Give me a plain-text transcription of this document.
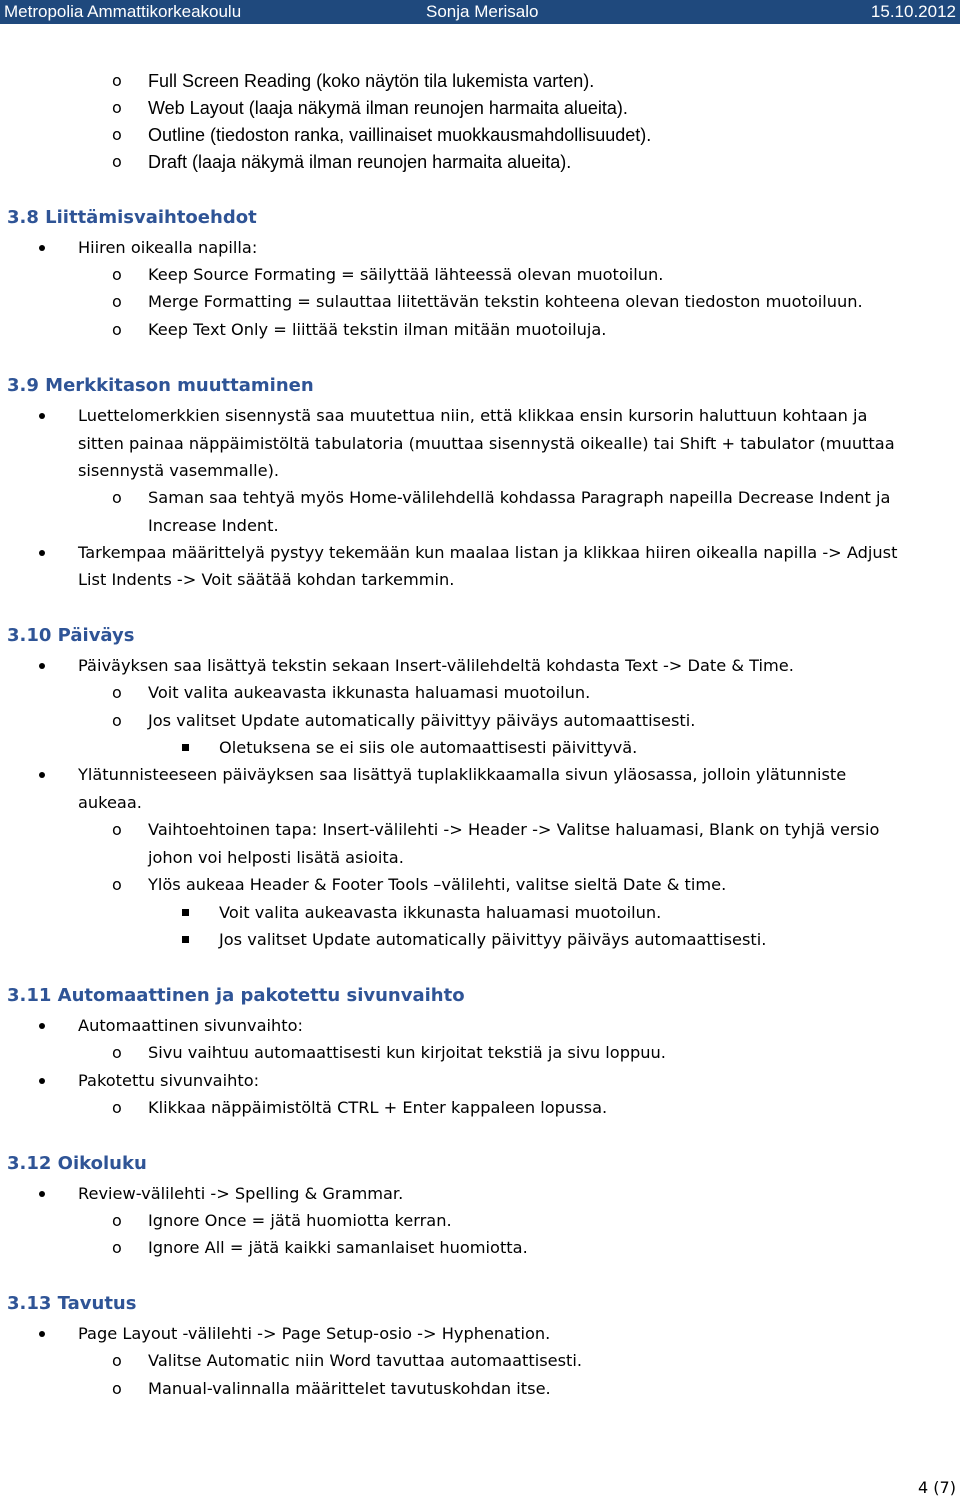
Metropolia Ammattikorkeakoulu	Sonja Merisalo	15.10.2012
o Full Screen Reading (koko näytön tila lukemista varten).
o Web Layout (laaja näkymä ilman reunojen harmaita alueita).
o Outline (tiedoston ranka, vaillinaiset muokkausmahdollisuudet).
o Draft (laaja näkymä ilman reunojen harmaita alueita).
3.8 Liittämisvaihtoehdot
Hiiren oikealla napilla:
o Keep Source Formating = säilyttää lähteessä olevan muotoilun.
o Merge Formatting = sulauttaa liitettävän tekstin kohteena olevan tiedoston muotoiluun.
o Keep Text Only = liittää tekstin ilman mitään muotoiluja.
3.9 Merkkitason muuttaminen
Luettelomerkkien sisennystä saa muutettua niin, että klikkaa ensin kursorin haluttuun kohtaan ja
sitten painaa näppäimistöltä tabulatoria (muuttaa sisennystä oikealle) tai Shift + tabulator (muuttaa
sisennystä vasemmalle).
o Saman saa tehtyä myös Home-välilehdellä kohdassa Paragraph napeilla Decrease Indent ja
Increase Indent.
Tarkempaa määrittelyä pystyy tekemään kun maalaa listan ja klikkaa hiiren oikealla napilla -> Adjust
List Indents -> Voit säätää kohdan tarkemmin.
3.10 Päiväys
Päiväyksen saa lisättyä tekstin sekaan Insert-välilehdeltä kohdasta Text -> Date & Time.
o Voit valita aukeavasta ikkunasta haluamasi muotoilun.
o Jos valitset Update automatically päivittyy päiväys automaattisesti.
Oletuksena se ei siis ole automaattisesti päivittyvä.
Ylätunnisteeseen päiväyksen saa lisättyä tuplaklikkaamalla sivun yläosassa, jolloin ylätunniste
aukeaa.
o Vaihtoehtoinen tapa: Insert-välilehti -> Header -> Valitse haluamasi, Blank on tyhjä versio
johon voi helposti lisätä asioita.
o Ylös aukeaa Header & Footer Tools –välilehti, valitse sieltä Date & time.
Voit valita aukeavasta ikkunasta haluamasi muotoilun.
Jos valitset Update automatically päivittyy päiväys automaattisesti.
3.11 Automaattinen ja pakotettu sivunvaihto
Automaattinen sivunvaihto:
o Sivu vaihtuu automaattisesti kun kirjoitat tekstiä ja sivu loppuu.
Pakotettu sivunvaihto:
o Klikkaa näppäimistöltä CTRL + Enter kappaleen lopussa.
3.12 Oikoluku
Review-välilehti -> Spelling & Grammar.
o Ignore Once = jätä huomiotta kerran.
o Ignore All = jätä kaikki samanlaiset huomiotta.
3.13 Tavutus
Page Layout -välilehti -> Page Setup-osio -> Hyphenation.
o Valitse Automatic niin Word tavuttaa automaattisesti.
o Manual-valinnalla määrittelet tavutuskohdan itse.
4 (7)
